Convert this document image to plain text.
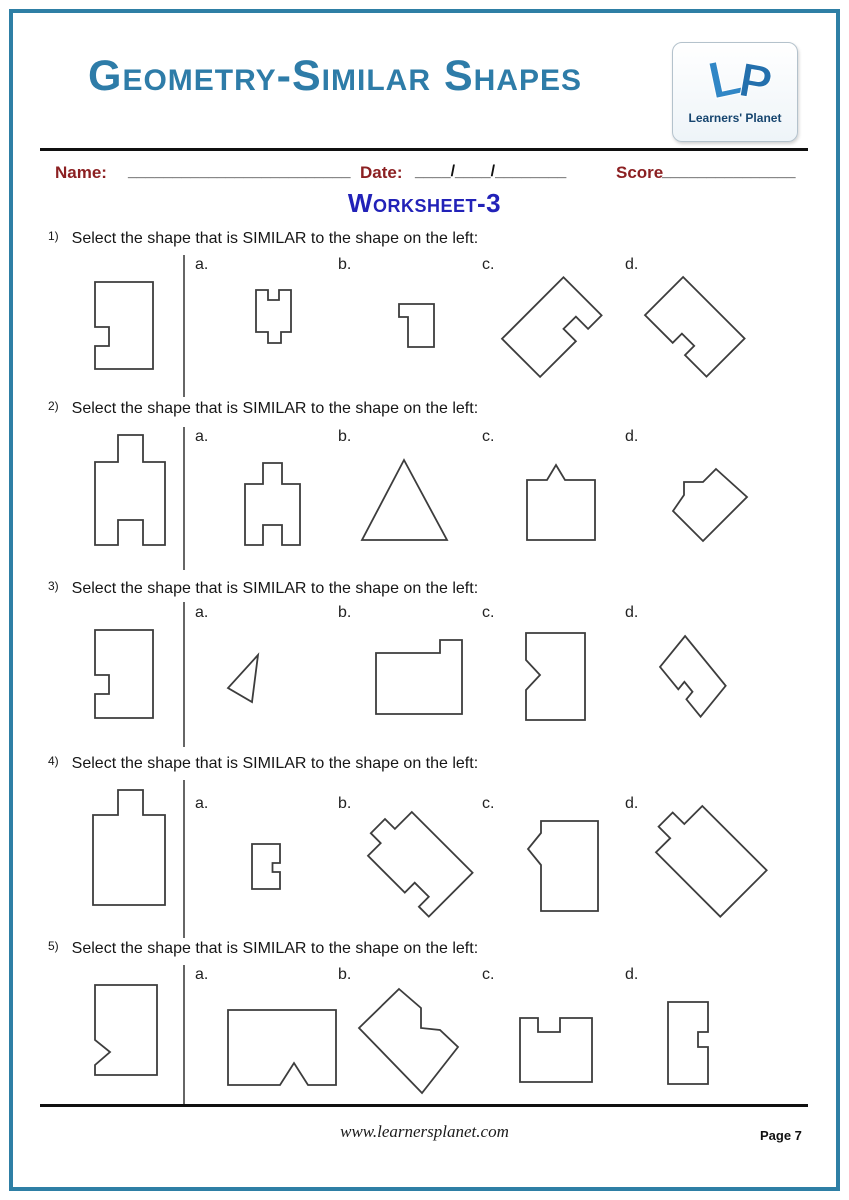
Geometry-Similar Shapes L
P
Learners' Planet
Name: _________________________ Date: ____/____/________	Score
_______________
Worksheet-3
1) Select the shape that is SIMILAR to the shape on the left:
a.	b.	c.	d.
2) Select the shape that is SIMILAR to the shape on the left:
a.	b.	c.	d.
3) Select the shape that is SIMILAR to the shape on the left:
a.	b.	c.	d.
4) Select the shape that is SIMILAR to the shape on the left:
a.	b.	c.	d.
5) Select the shape that is SIMILAR to the shape on the left:
a.	b.	c.	d.
www.learnersplanet.com	Page 7
